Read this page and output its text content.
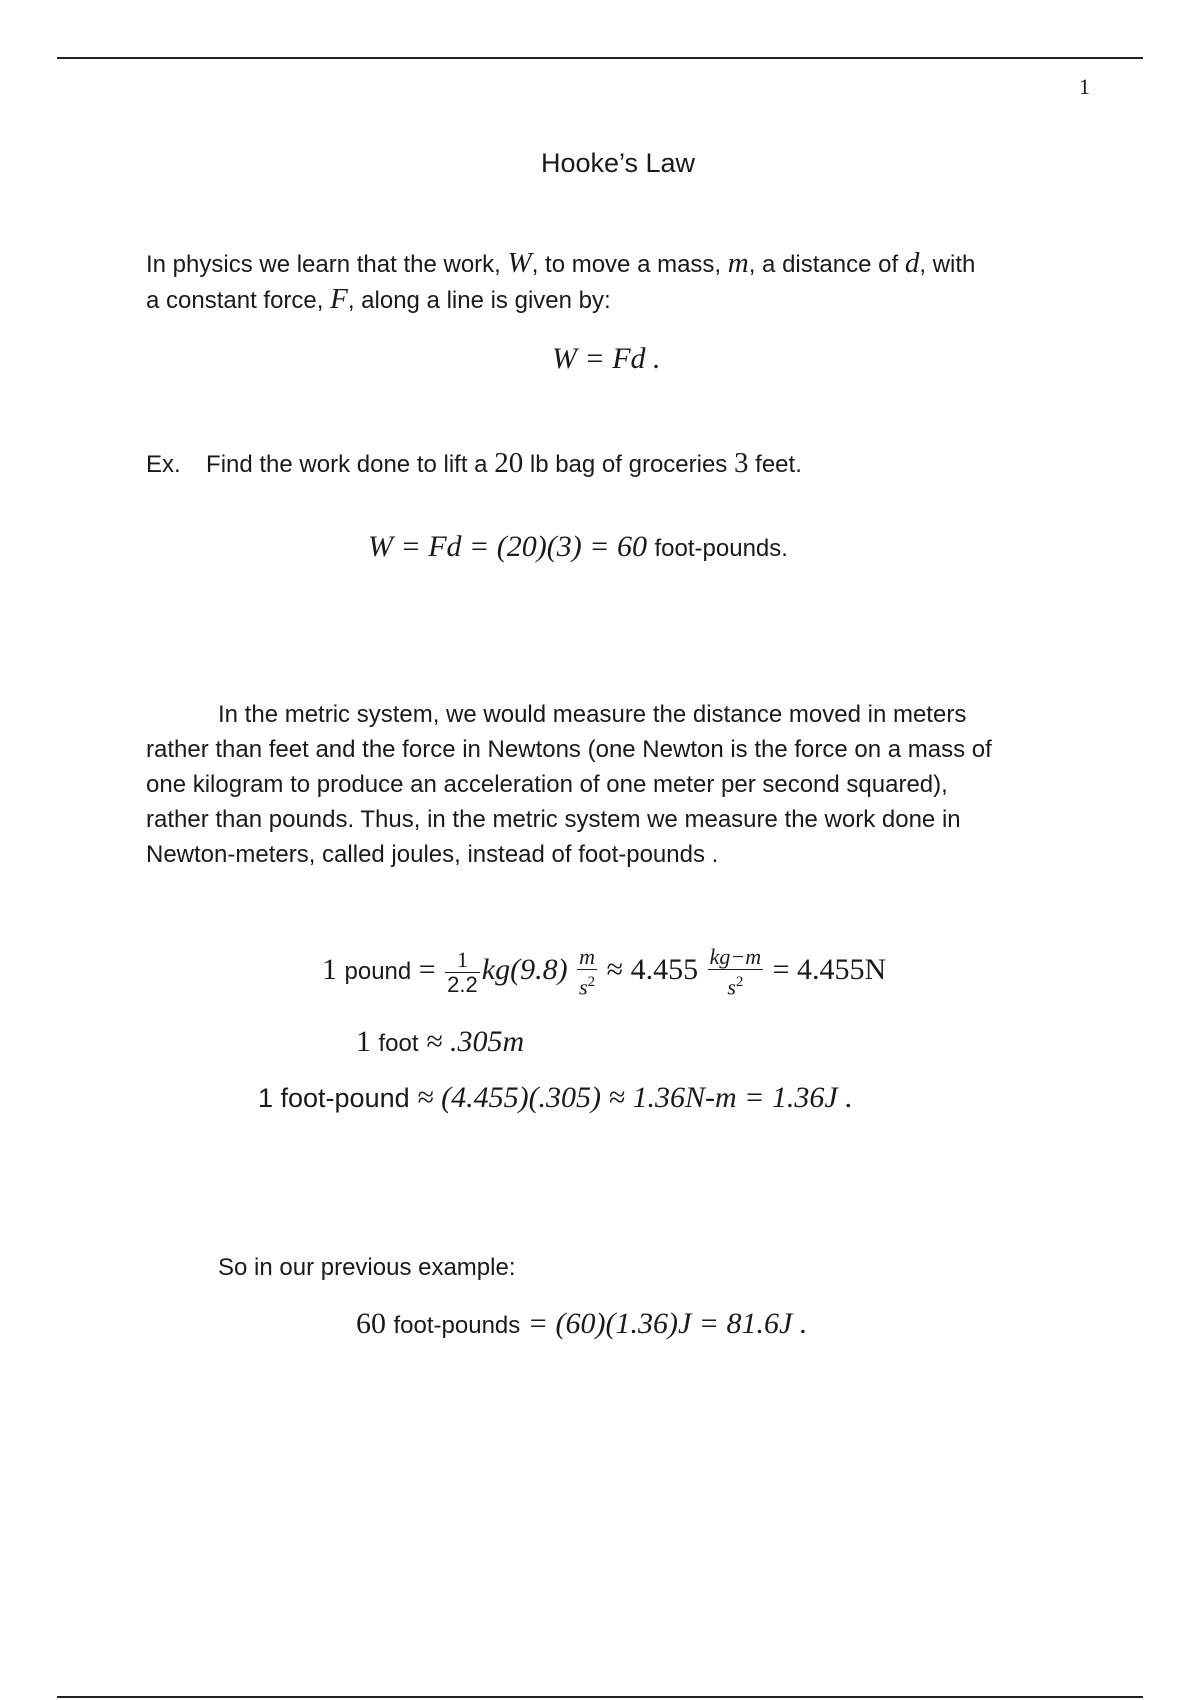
1
Hooke’s Law
In physics we learn that the work, W, to move a mass, m, a distance of d, with
a constant force, F, along a line is given by:
W = Fd .
Ex. Find the work done to lift a 20 lb bag of groceries 3 feet.
W = Fd = (20)(3) = 60 foot-pounds.
In the metric system, we would measure the distance moved in meters
rather than feet and the force in Newtons (one Newton is the force on a mass of
one kilogram to produce an acceleration of one meter per second squared),
rather than pounds. Thus, in the metric system we measure the work done in
Newton-meters, called joules, instead of foot-pounds .
1 pound = $\frac{1}{2.2} kg(9.8) \frac{m}{s^2} \approx 4.455 \frac{kg-m}{s^2} = 4.455N$
1 foot ≈ .305m
1 foot-pound ≈ (4.455)(.305) ≈ 1.36N-m = 1.36J .
So in our previous example:
60 foot-pounds = (60)(1.36)J = 81.6J .
